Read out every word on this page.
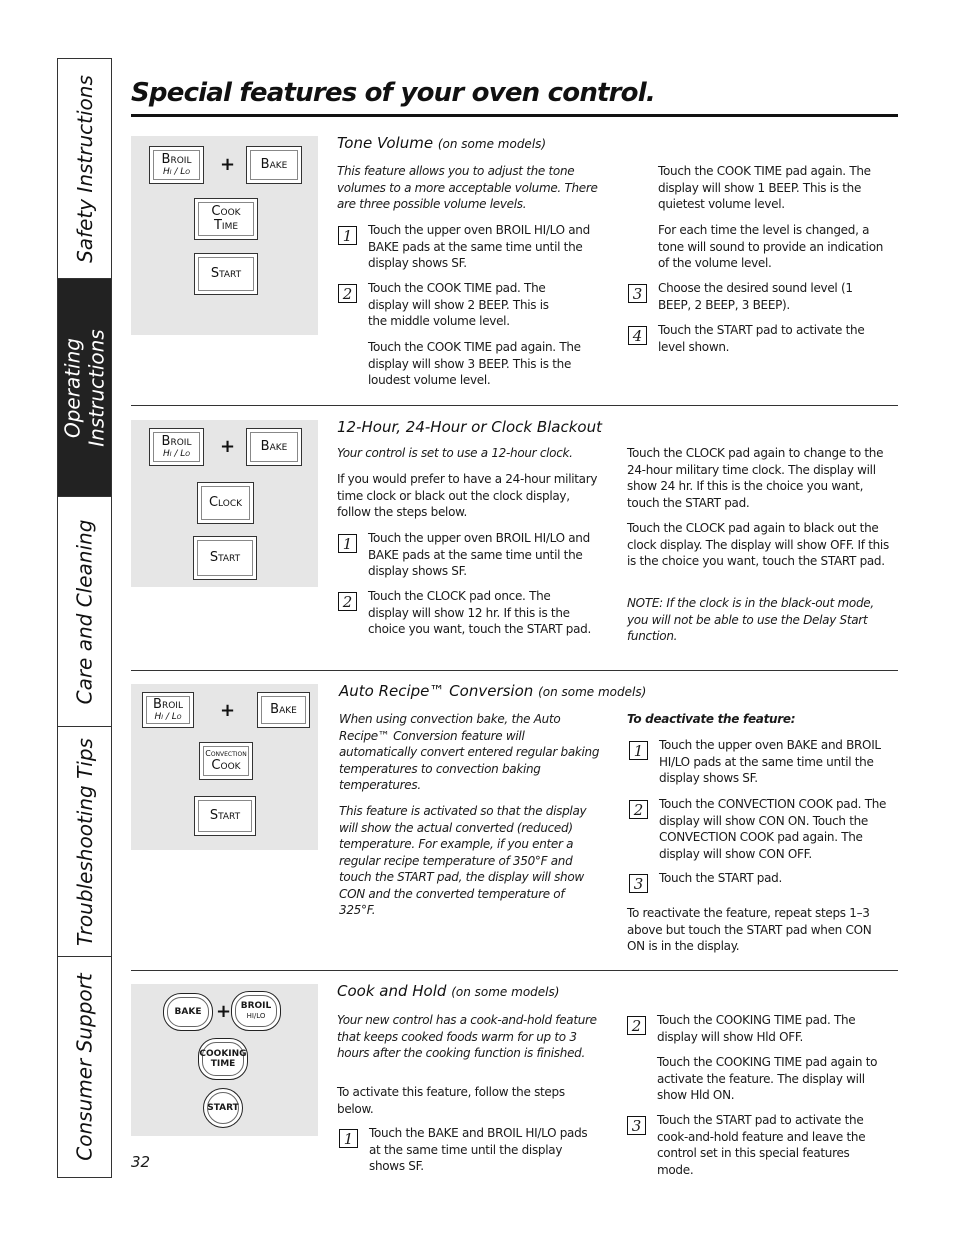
Safety Instructions
Operating
Instructions
Care and Cleaning
Troubleshooting Tips
Consumer Support
Special features of your oven control.
Broil
Hi / Lo + Bake
Cook
Time
Start
Tone Volume (on some models)
This feature allows you to adjust the tone volumes to a more acceptable volume. There are three possible volume levels.
1	Touch the upper oven BROIL HI/LO and BAKE pads at the same time until the display shows SF.
2	Touch the COOK TIME pad. The display will show 2 BEEP. This is the middle volume level.
Touch the COOK TIME pad again. The display will show 3 BEEP. This is the loudest volume level.
Touch the COOK TIME pad again. The display will show 1 BEEP. This is the quietest volume level.
For each time the level is changed, a tone will sound to provide an indication of the volume level.
3	Choose the desired sound level (1 BEEP, 2 BEEP, 3 BEEP).
4	Touch the START pad to activate the level shown.
Broil
Hi / Lo + Bake
Clock
Start
12-Hour, 24-Hour or Clock Blackout
Your control is set to use a 12-hour clock.
If you would prefer to have a 24-hour military time clock or black out the clock display, follow the steps below.
1	Touch the upper oven BROIL HI/LO and BAKE pads at the same time until the display shows SF.
2	Touch the CLOCK pad once. The display will show 12 hr. If this is the choice you want, touch the START pad.
Touch the CLOCK pad again to change to the 24-hour military time clock. The display will show 24 hr. If this is the choice you want, touch the START pad.
Touch the CLOCK pad again to black out the clock display. The display will show OFF. If this is the choice you want, touch the START pad.
NOTE: If the clock is in the black-out mode, you will not be able to use the Delay Start function.
Broil
Hi / Lo +	Bake
Convection
Cook
Start
Auto Recipe™ Conversion (on some models)
When using convection bake, the Auto Recipe™ Conversion feature will automatically convert entered regular baking temperatures to convection baking temperatures.
This feature is activated so that the display will show the actual converted (reduced) temperature. For example, if you enter a regular recipe temperature of 350°F and touch the START pad, the display will show CON and the converted temperature of 325°F.
To deactivate the feature:
1	Touch the upper oven BAKE and BROIL HI/LO pads at the same time until the display shows SF.
2	Touch the CONVECTION COOK pad. The display will show CON ON. Touch the CONVECTION COOK pad again. The display will show CON OFF.
3	Touch the START pad.
To reactivate the feature, repeat steps 1–3 above but touch the START pad when CON ON is in the display.
BAKE + BROIL
HI/LO
COOKING
TIME
START
Cook and Hold (on some models)
Your new control has a cook-and-hold feature that keeps cooked foods warm for up to 3 hours after the cooking function is finished.
To activate this feature, follow the steps below.
1	Touch the BAKE and BROIL HI/LO pads at the same time until the display shows SF.
2	Touch the COOKING TIME pad. The display will show Hld OFF.
Touch the COOKING TIME pad again to activate the feature. The display will show Hld ON.
3	Touch the START pad to activate the cook-and-hold feature and leave the control set in this special features mode.
32
